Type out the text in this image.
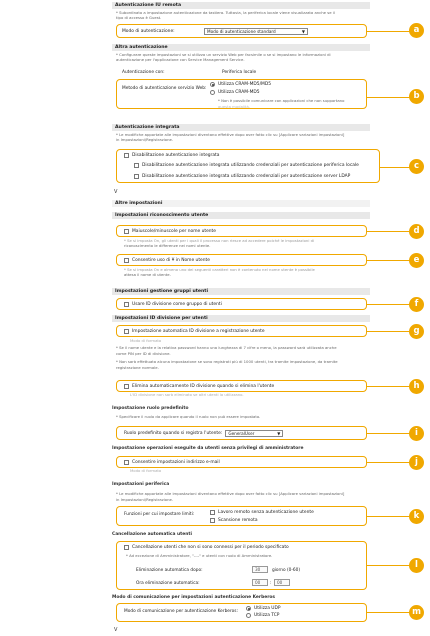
Autenticazione IU remota
* Subordinato a impostazione autenticazione da tastiera. Tuttavia, la periferica locale viene visualizzata anche se il
tipo di accesso è Guest.
Modo di autenticazione:	Modo di autenticazione standard	▼
Altra autenticazione
* Configurare queste impostazioni se si utilizza un servizio Web per facsimile o se si impostano le informazioni di
autenticazione per l'applicazione con Service Management Service.
Autenticazione con:	Periferica locale
Metodo di autenticazione servizio Web:
Utilizza CRAM-MD5/MD5
Utilizza CRAM-MD5
* Non è possibile comunicare con applicazioni che non supportano
questa modalità.
Autenticazione integrata
* Le modifiche apportate alle impostazioni diventano effettive dopo aver fatto clic su [Applicare variazioni impostazioni]
in Impostazioni/Registrazione.
Disabilitazione autenticazione integrata
Disabilitazione autenticazione integrata utilizzando credenziali per autenticazione periferica locale
Disabilitazione autenticazione integrata utilizzando credenziali per autenticazione server LDAP
ᐯ
Altre impostazioni
Impostazioni riconoscimento utente
Maiuscole/minuscole per nome utente
* Se si imposta On, gli utenti per i quali il processo non riesce ad accedere poiché le impostazioni di
riconoscimento le differenze nei nomi utente.
Consentire uso di ¥ in Nome utente
* Se si imposta On e almeno uno dei seguenti caratteri non è contenuto nel nome utente è possibile
attesa il nome di utente.
Impostazioni gestione gruppi utenti
Usare ID divisione come gruppo di utenti
Impostazioni ID divisione per utenti
Impostazione automatica ID divisione a registrazione utente
Modo di formato
* Se il nome utente e la relativa password hanno una lunghezza di 7 cifre o meno, la password sarà utilizzata anche
come PIN per ID di divisione.
* Non sarà effettuata alcuna impostazione se sono registrati più di 1000 utenti, tra tramite impostazione, da tramite
registrazione normale.
Elimina automaticamente ID divisione quando si elimina l'utente
L'ID divisione non sarà eliminato se altri utenti lo utilizzano.
Impostazione ruolo predefinito
* Specificare il ruolo da applicare quando il ruolo non può essere impostato.
Ruolo predefinito quando si registra l'utente:	GeneralUser	▼
Impostazione operazioni eseguite da utenti senza privilegi di amministratore
Consentire impostazioni indirizzo e-mail
Modo di formato
Impostazioni periferica
* Le modifiche apportate alle impostazioni diventano effettive dopo aver fatto clic su [Applicare variazioni impostazioni]
in Impostazioni/Registrazione.
Funzioni per cui impostare limiti:	Lavoro remoto senza autenticazione utente
Scansione remota
Cancellazione automatica utenti
Cancellazione utenti che non si sono connessi per il periodo specificato
* Ad eccezione di Amministratore, "----" e utenti con ruolo di Amministratore.
Eliminazione automatica dopo:	30	giorno (0-60)
Ora eliminazione automatica:	00	:	00
Modo di comunicazione per impostazioni autenticazione Kerberos
Modo di comunicazione per autenticazione Kerberos:
Utilizza UDP
Utilizza TCP
ᐯ
a
b
c
d
e
f
g
h
i
j
k
l
m
